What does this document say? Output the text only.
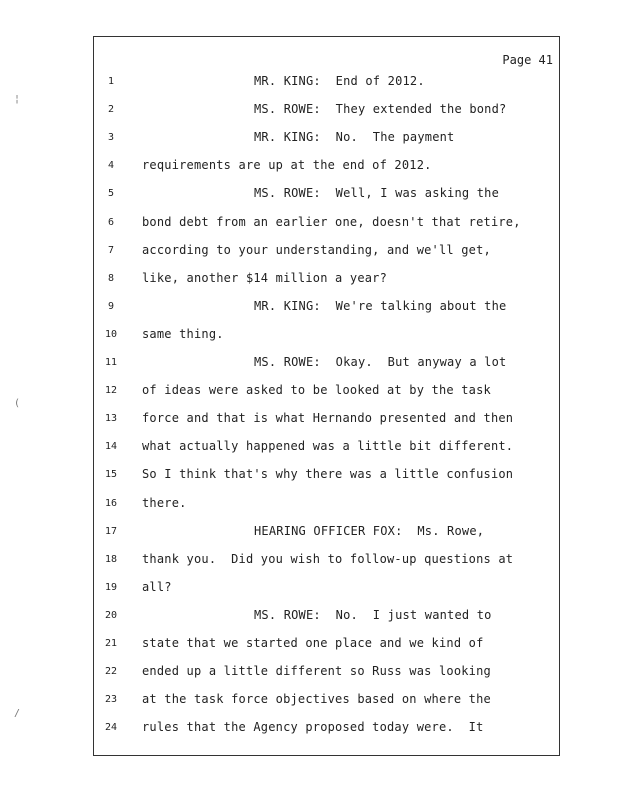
Page 41
1	MR. KING:  End of 2012.
2	MS. ROWE:  They extended the bond?
3	MR. KING:  No.  The payment
4	requirements are up at the end of 2012.
5	MS. ROWE:  Well, I was asking the
6	bond debt from an earlier one, doesn't that retire,
7	according to your understanding, and we'll get,
8	like, another $14 million a year?
9	MR. KING:  We're talking about the
10	same thing.
11	MS. ROWE:  Okay.  But anyway a lot
12	of ideas were asked to be looked at by the task
13	force and that is what Hernando presented and then
14	what actually happened was a little bit different.
15	So I think that's why there was a little confusion
16	there.
17	HEARING OFFICER FOX:  Ms. Rowe,
18	thank you.  Did you wish to follow-up questions at
19	all?
20	MS. ROWE:  No.  I just wanted to
21	state that we started one place and we kind of
22	ended up a little different so Russ was looking
23	at the task force objectives based on where the
24	rules that the Agency proposed today were.  It
¦
(
/
